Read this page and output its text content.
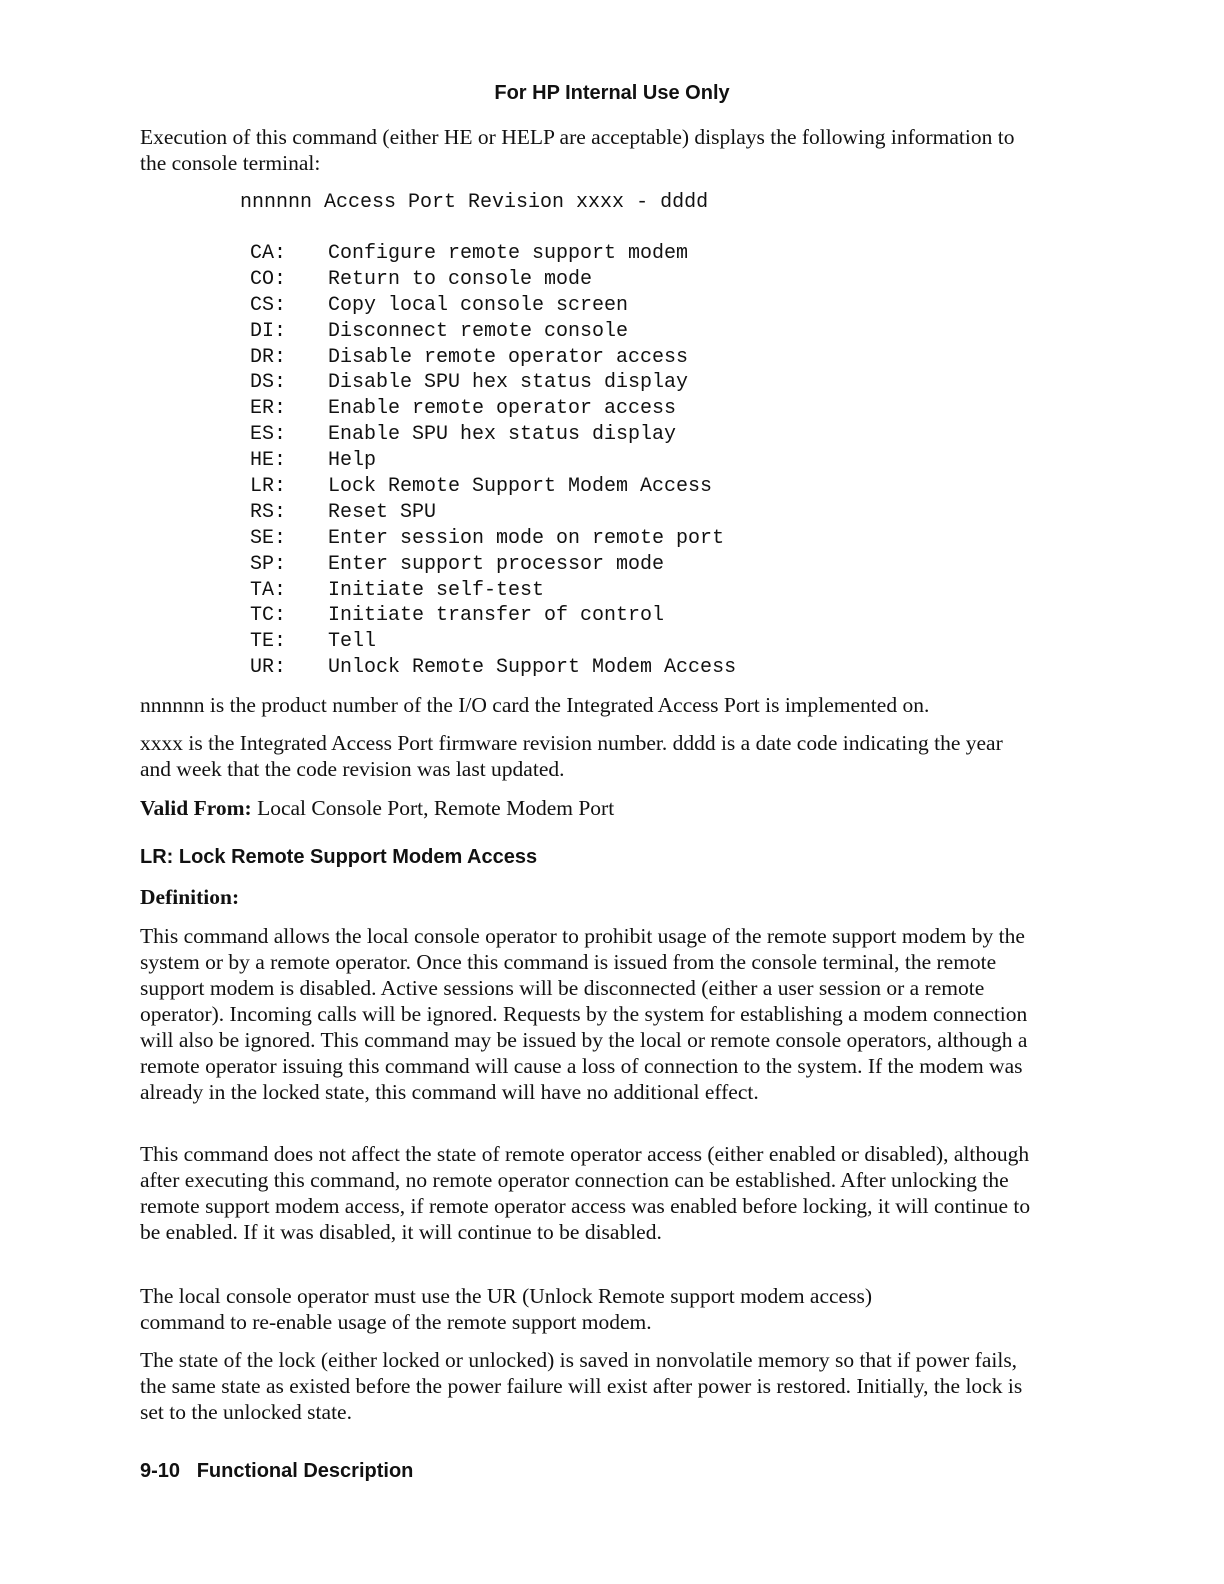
For HP Internal Use Only

Execution of this command (either HE or HELP are acceptable) displays the following information to the console terminal:

nnnnnn Access Port Revision xxxx - dddd
CA: Configure remote support modem
CO: Return to console mode
CS: Copy local console screen
DI: Disconnect remote console
DR: Disable remote operator access
DS: Disable SPU hex status display
ER: Enable remote operator access
ES: Enable SPU hex status display
HE: Help
LR: Lock Remote Support Modem Access
RS: Reset SPU
SE: Enter session mode on remote port
SP: Enter support processor mode
TA: Initiate self-test
TC: Initiate transfer of control
TE: Tell
UR: Unlock Remote Support Modem Access

nnnnnn is the product number of the I/O card the Integrated Access Port is implemented on.

xxxx is the Integrated Access Port firmware revision number. dddd is a date code indicating the year and week that the code revision was last updated.

Valid From: Local Console Port, Remote Modem Port

LR: Lock Remote Support Modem Access
Definition:

This command allows the local console operator to prohibit usage of the remote support modem by the system or by a remote operator. Once this command is issued from the console terminal, the remote support modem is disabled. Active sessions will be disconnected (either a user session or a remote operator). Incoming calls will be ignored. Requests by the system for establishing a modem connection will also be ignored. This command may be issued by the local or remote console operators, although a remote operator issuing this command will cause a loss of connection to the system. If the modem was already in the locked state, this command will have no additional effect.

This command does not affect the state of remote operator access (either enabled or disabled), although after executing this command, no remote operator connection can be established. After unlocking the remote support modem access, if remote operator access was enabled before locking, it will continue to be enabled. If it was disabled, it will continue to be disabled.

The local console operator must use the UR (Unlock Remote support modem access) command to re-enable usage of the remote support modem.

The state of the lock (either locked or unlocked) is saved in nonvolatile memory so that if power fails, the same state as existed before the power failure will exist after power is restored. Initially, the lock is set to the unlocked state.

9-10 Functional Description
